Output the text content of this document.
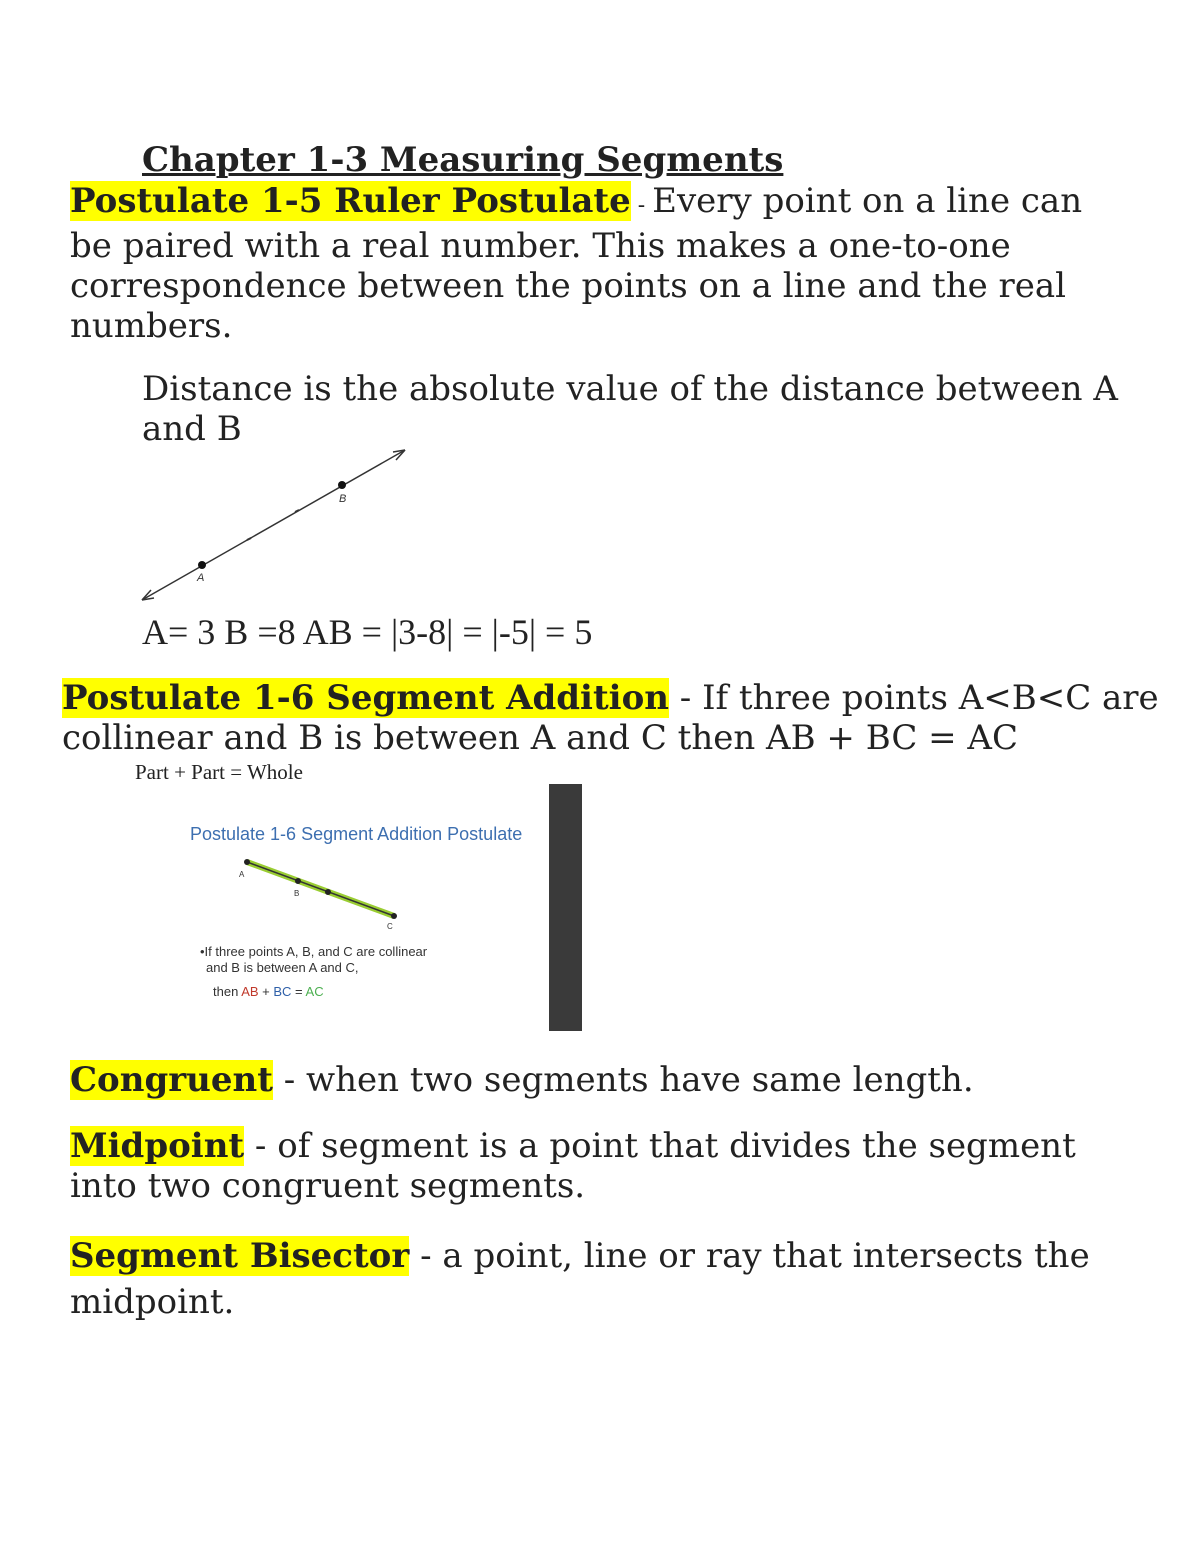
Chapter 1-3 Measuring Segments
Postulate 1-5 Ruler Postulate - Every point on a line can
be paired with a real number. This makes a one-to-one
correspondence between the points on a line and the real
numbers.
Distance is the absolute value of the distance between A
and B
A
B
A= 3 B =8 AB = |3-8| = |-5| = 5
Postulate 1-6 Segment Addition - If three points A<B<C are
collinear and B is between A and C then AB + BC = AC
Part + Part = Whole
Postulate 1-6 Segment Addition Postulate
A
B
C
•If three points A, B, and C are collinear
and B is between A and C,
then AB + BC = AC
Congruent - when two segments have same length.
Midpoint - of segment is a point that divides the segment
into two congruent segments.
Segment Bisector - a point, line or ray that intersects the
midpoint.
